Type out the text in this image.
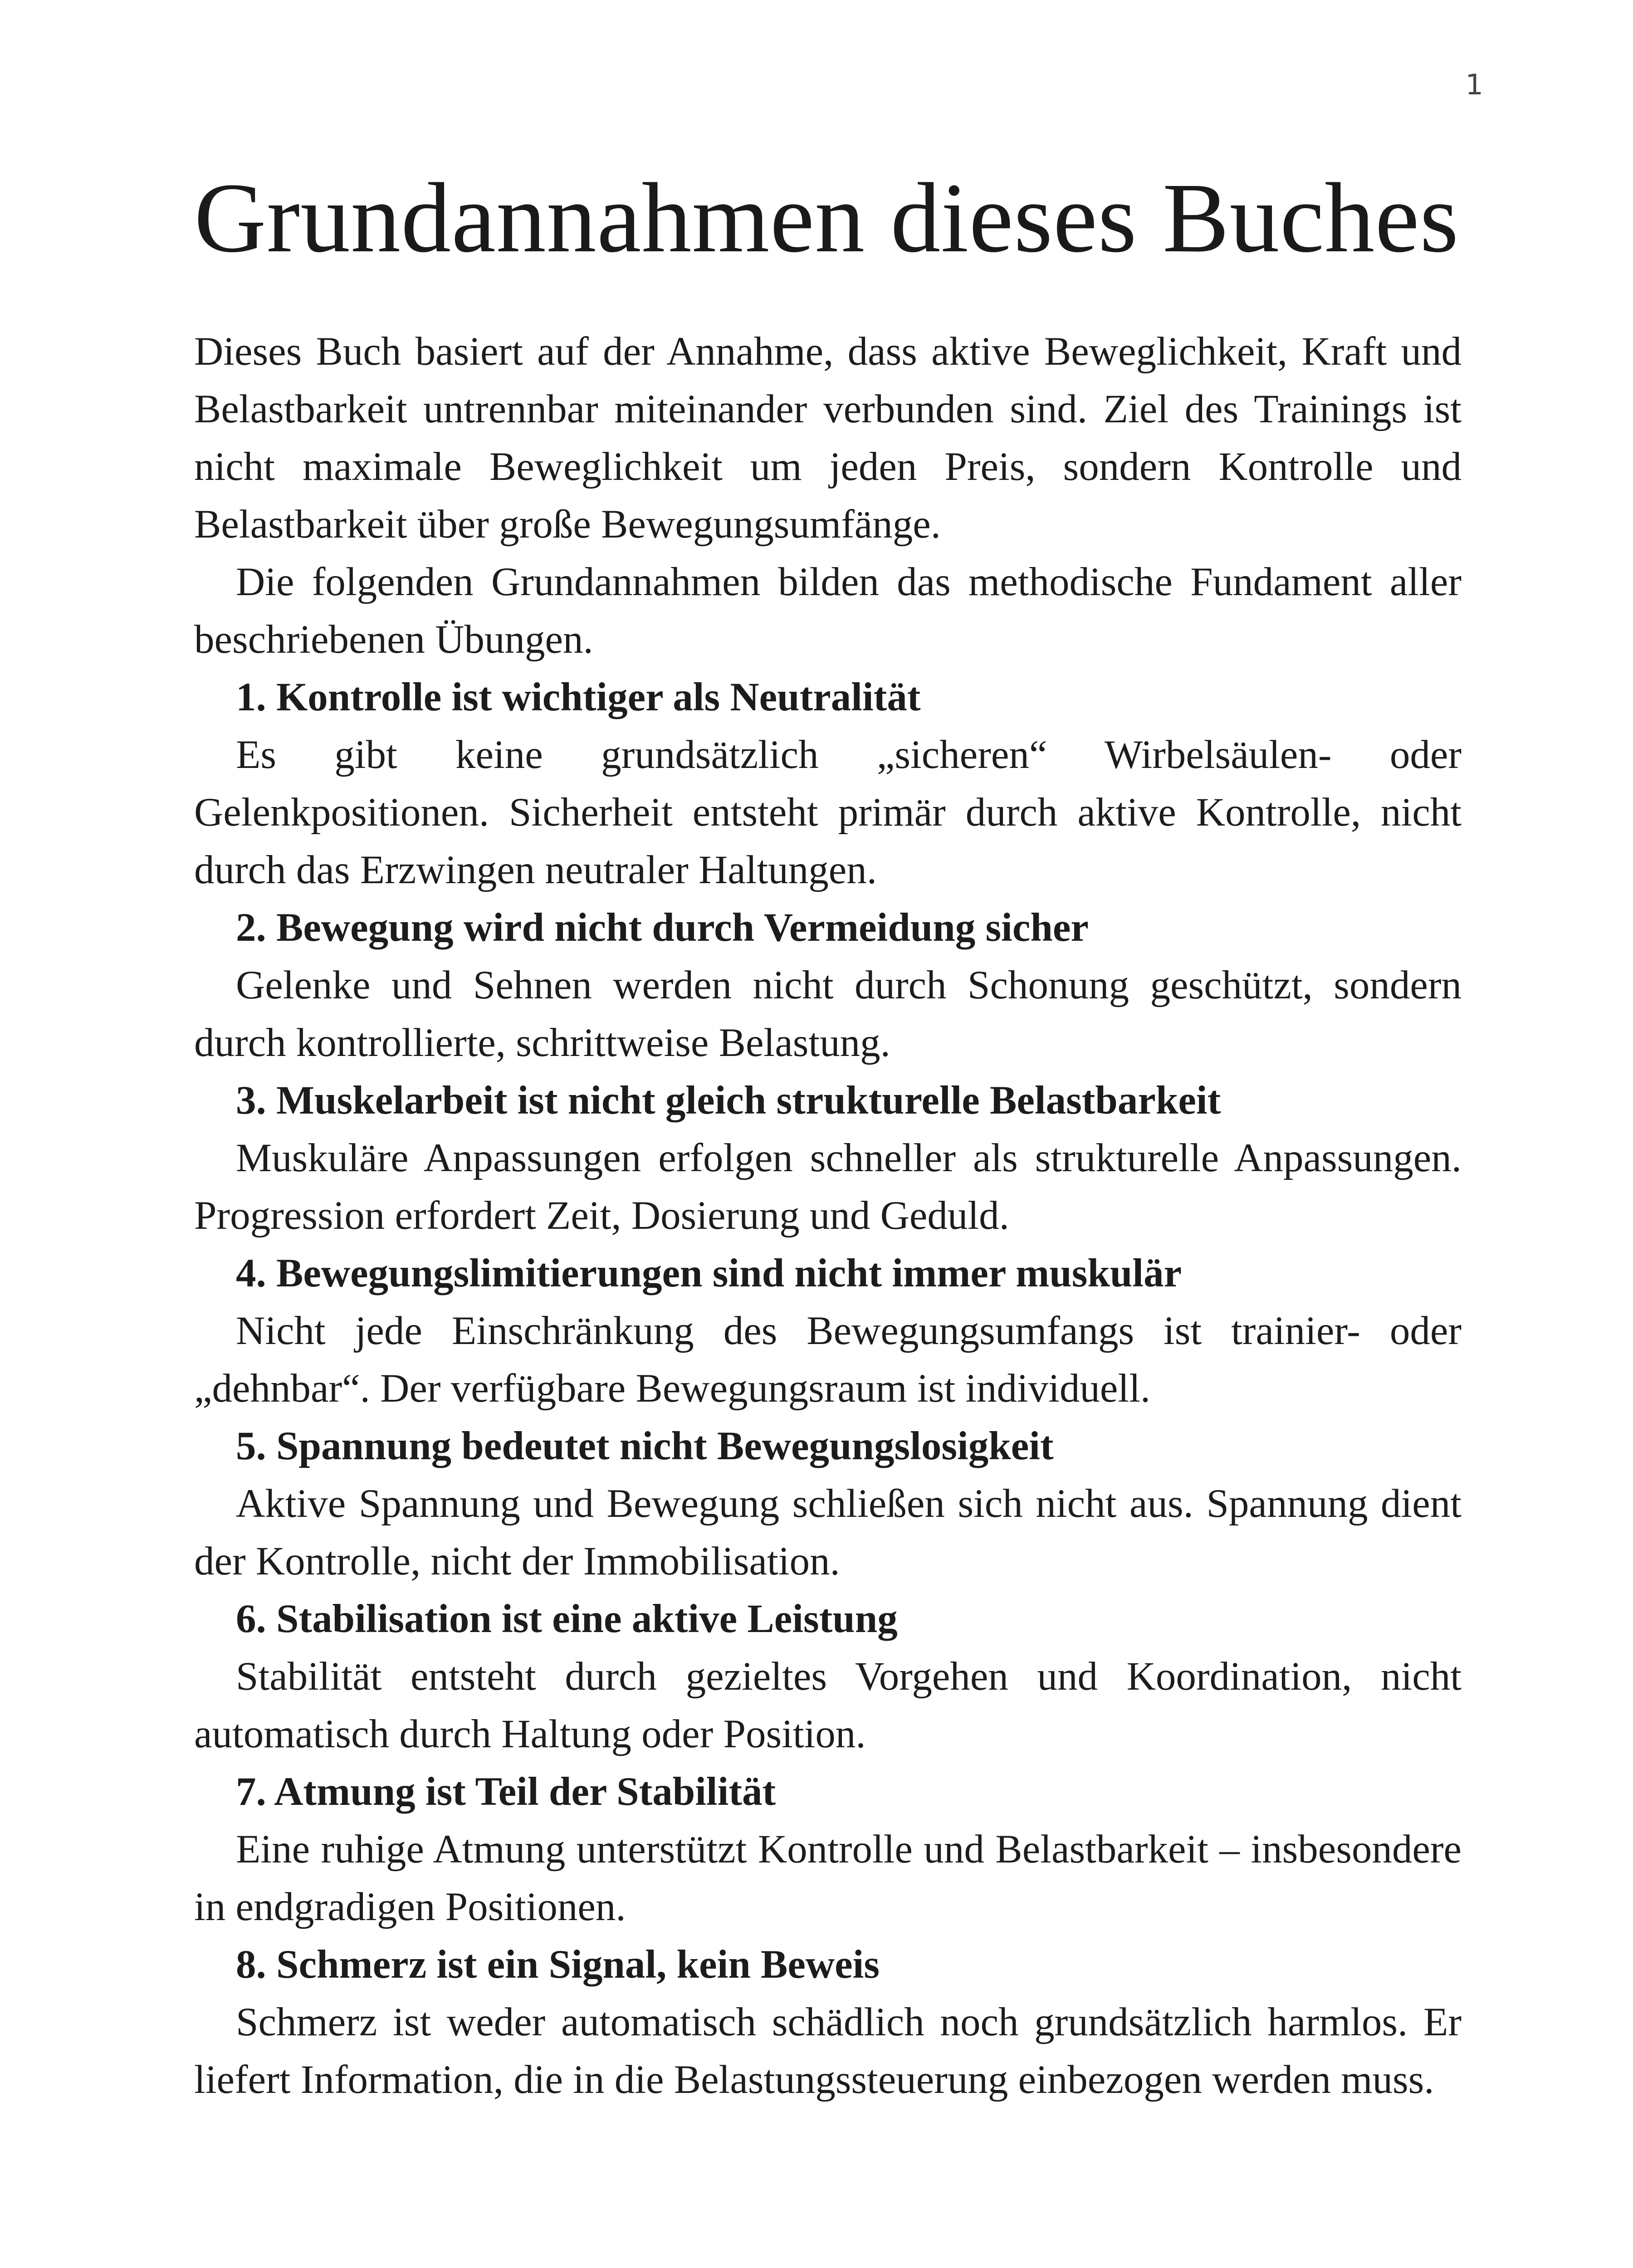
1
Grundannahmen dieses Buches

Dieses Buch basiert auf der Annahme, dass aktive Beweglichkeit, Kraft und Belastbarkeit untrennbar miteinander verbunden sind. Ziel des Trainings ist nicht maximale Beweglichkeit um jeden Preis, sondern Kontrolle und Belastbarkeit über große Bewegungsumfänge.

Die folgenden Grundannahmen bilden das methodische Fundament aller beschriebenen Übungen.

1. Kontrolle ist wichtiger als Neutralität

Es gibt keine grundsätzlich „sicheren“ Wirbelsäulen- oder Gelenkpositionen. Sicherheit entsteht primär durch aktive Kontrolle, nicht durch das Erzwingen neutraler Haltungen.

2. Bewegung wird nicht durch Vermeidung sicher

Gelenke und Sehnen werden nicht durch Schonung geschützt, sondern durch kontrollierte, schrittweise Belastung.

3. Muskelarbeit ist nicht gleich strukturelle Belastbarkeit

Muskuläre Anpassungen erfolgen schneller als strukturelle Anpassungen. Progression erfordert Zeit, Dosierung und Geduld.

4. Bewegungslimitierungen sind nicht immer muskulär

Nicht jede Einschränkung des Bewegungsumfangs ist trainier- oder „dehnbar“. Der verfügbare Bewegungsraum ist individuell.

5. Spannung bedeutet nicht Bewegungslosigkeit

Aktive Spannung und Bewegung schließen sich nicht aus. Spannung dient der Kontrolle, nicht der Immobilisation.

6. Stabilisation ist eine aktive Leistung

Stabilität entsteht durch gezieltes Vorgehen und Koordination, nicht automatisch durch Haltung oder Position.

7. Atmung ist Teil der Stabilität

Eine ruhige Atmung unterstützt Kontrolle und Belastbarkeit – insbesondere in endgradigen Positionen.

8. Schmerz ist ein Signal, kein Beweis

Schmerz ist weder automatisch schädlich noch grundsätzlich harmlos. Er liefert Information, die in die Belastungssteuerung einbezogen werden muss.
